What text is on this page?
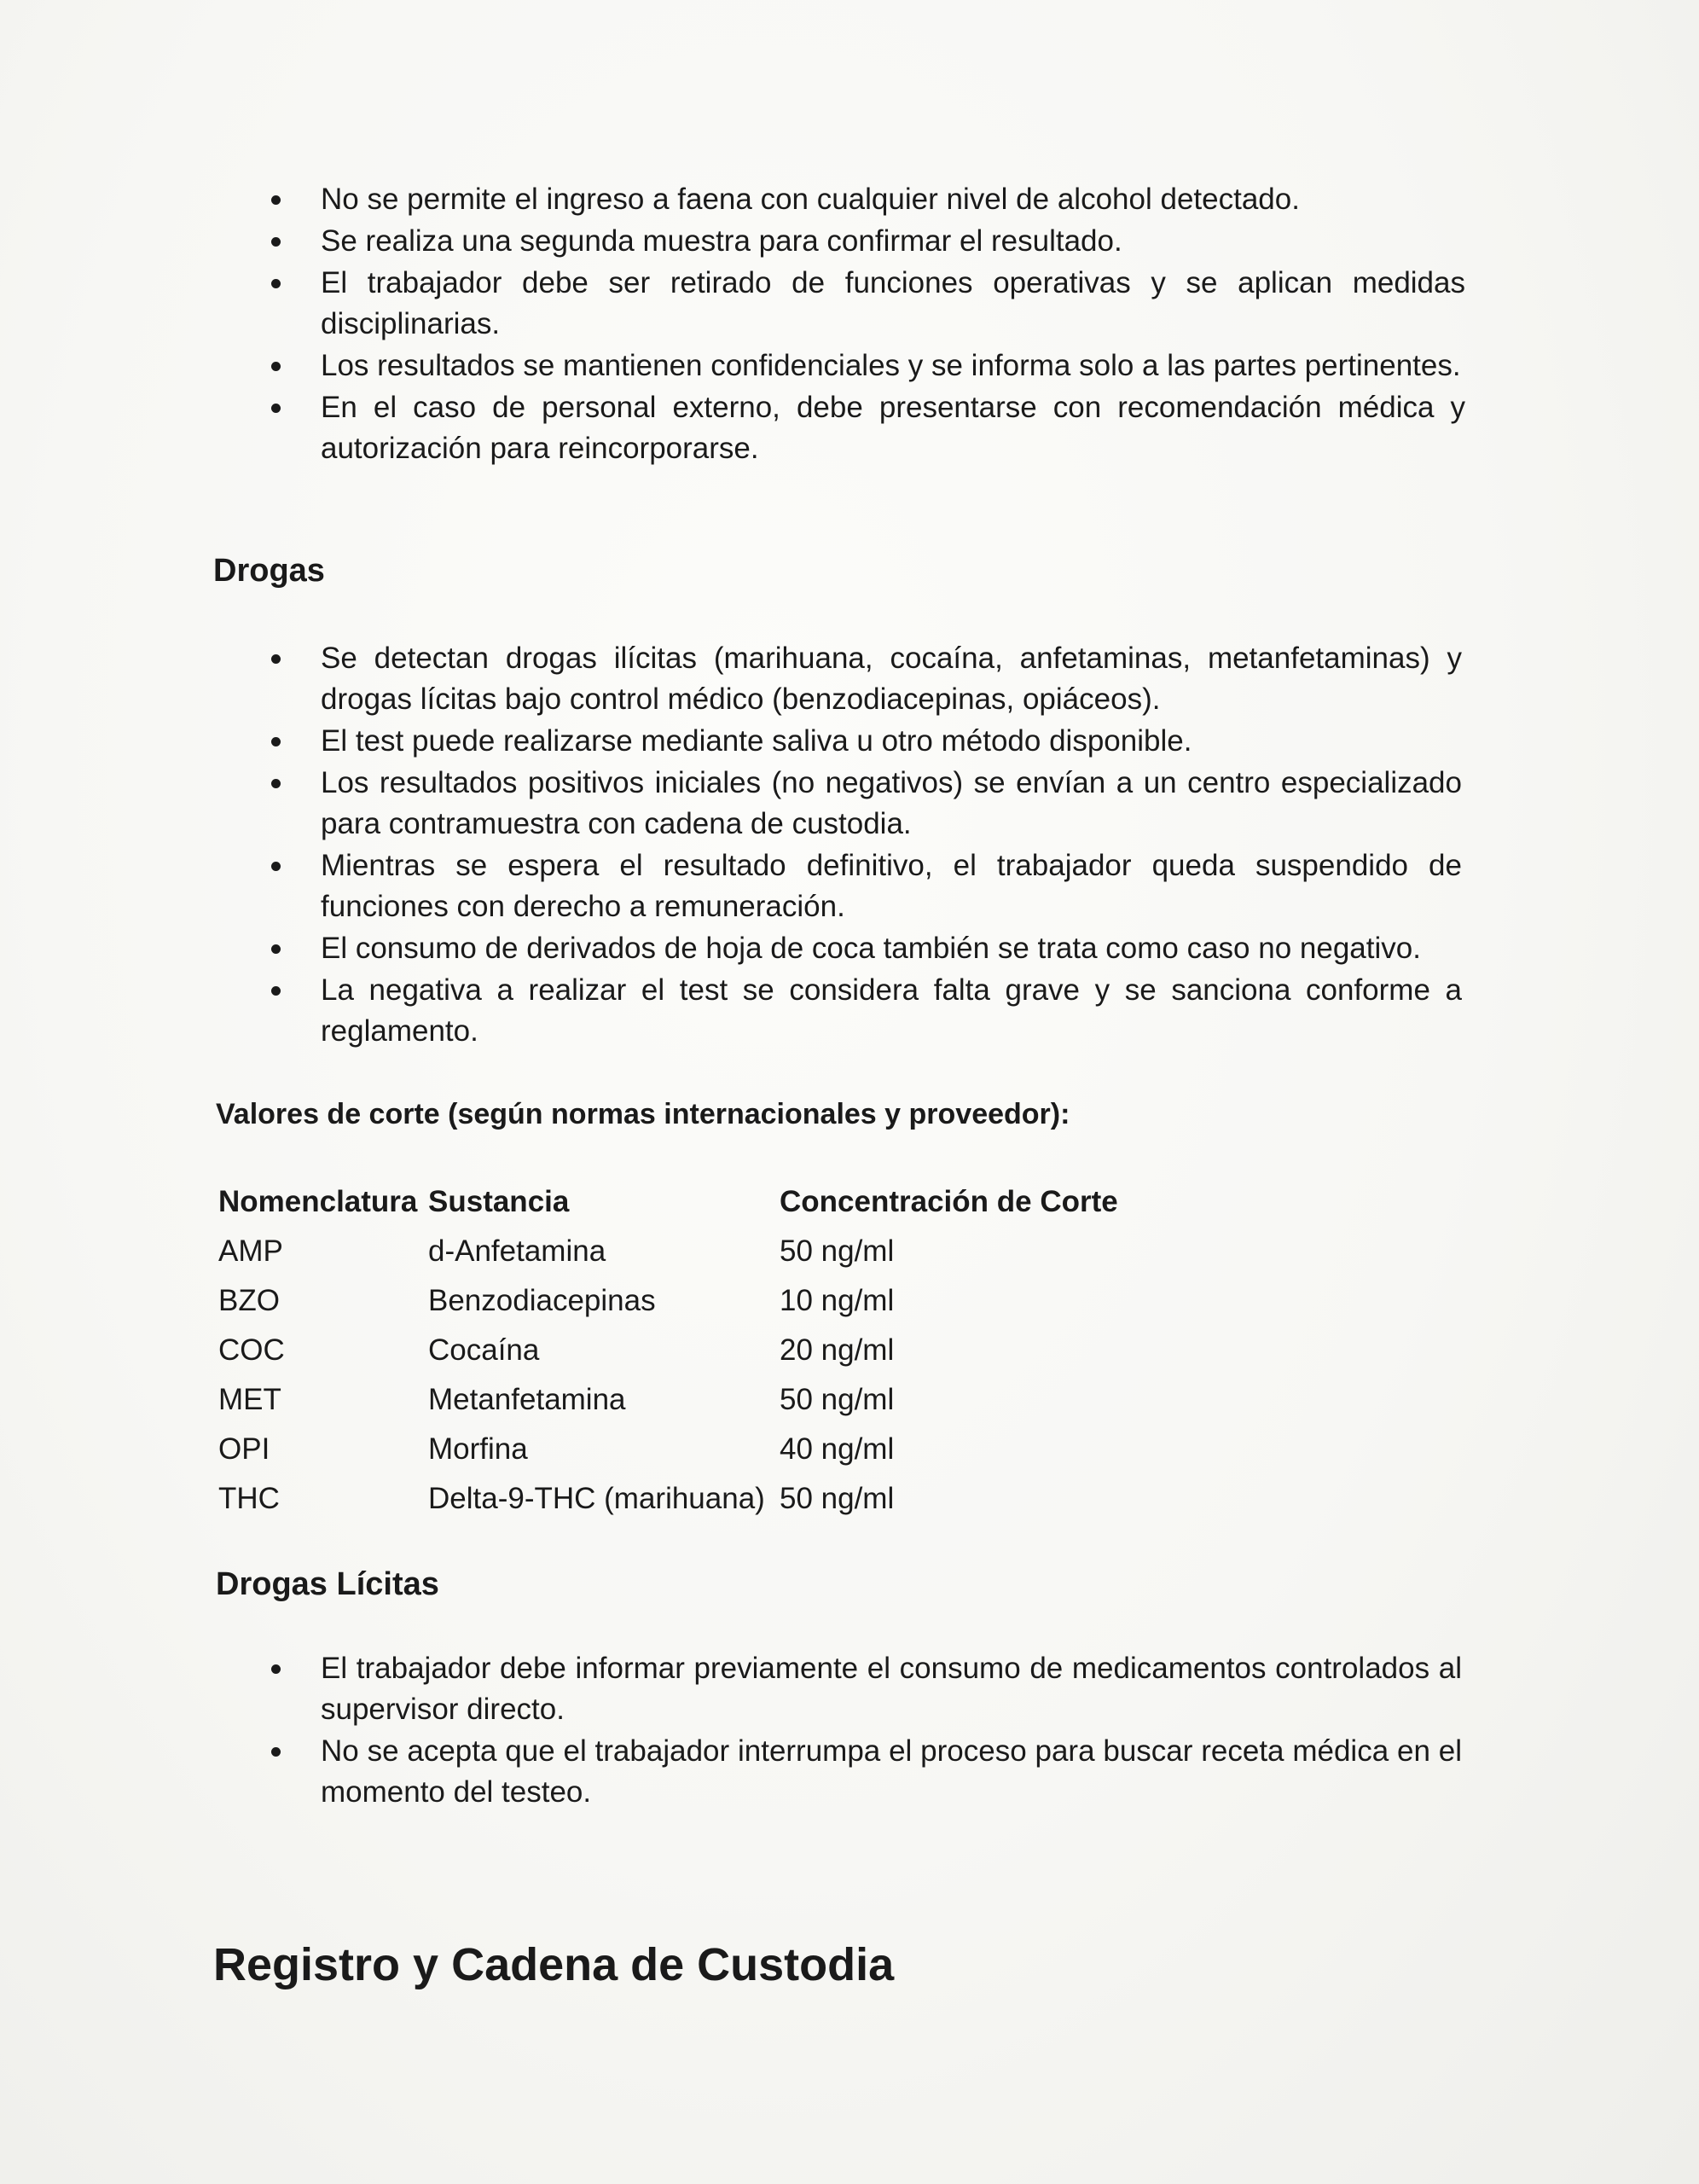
No se permite el ingreso a faena con cualquier nivel de alcohol detectado.
Se realiza una segunda muestra para confirmar el resultado.
El trabajador debe ser retirado de funciones operativas y se aplican medidas disciplinarias.
Los resultados se mantienen confidenciales y se informa solo a las partes pertinentes.
En el caso de personal externo, debe presentarse con recomendación médica y autorización para reincorporarse.
Drogas
Se detectan drogas ilícitas (marihuana, cocaína, anfetaminas, metanfetaminas) y drogas lícitas bajo control médico (benzodiacepinas, opiáceos).
El test puede realizarse mediante saliva u otro método disponible.
Los resultados positivos iniciales (no negativos) se envían a un centro especializado para contramuestra con cadena de custodia.
Mientras se espera el resultado definitivo, el trabajador queda suspendido de funciones con derecho a remuneración.
El consumo de derivados de hoja de coca también se trata como caso no negativo.
La negativa a realizar el test se considera falta grave y se sanciona conforme a reglamento.
Valores de corte (según normas internacionales y proveedor):
Nomenclatura	Sustancia	Concentración de Corte
AMP	d-Anfetamina	50 ng/ml
BZO	Benzodiacepinas	10 ng/ml
COC	Cocaína	20 ng/ml
MET	Metanfetamina	50 ng/ml
OPI	Morfina	40 ng/ml
THC	Delta-9-THC (marihuana)	50 ng/ml
Drogas Lícitas
El trabajador debe informar previamente el consumo de medicamentos controlados al supervisor directo.
No se acepta que el trabajador interrumpa el proceso para buscar receta médica en el momento del testeo.
Registro y Cadena de Custodia
